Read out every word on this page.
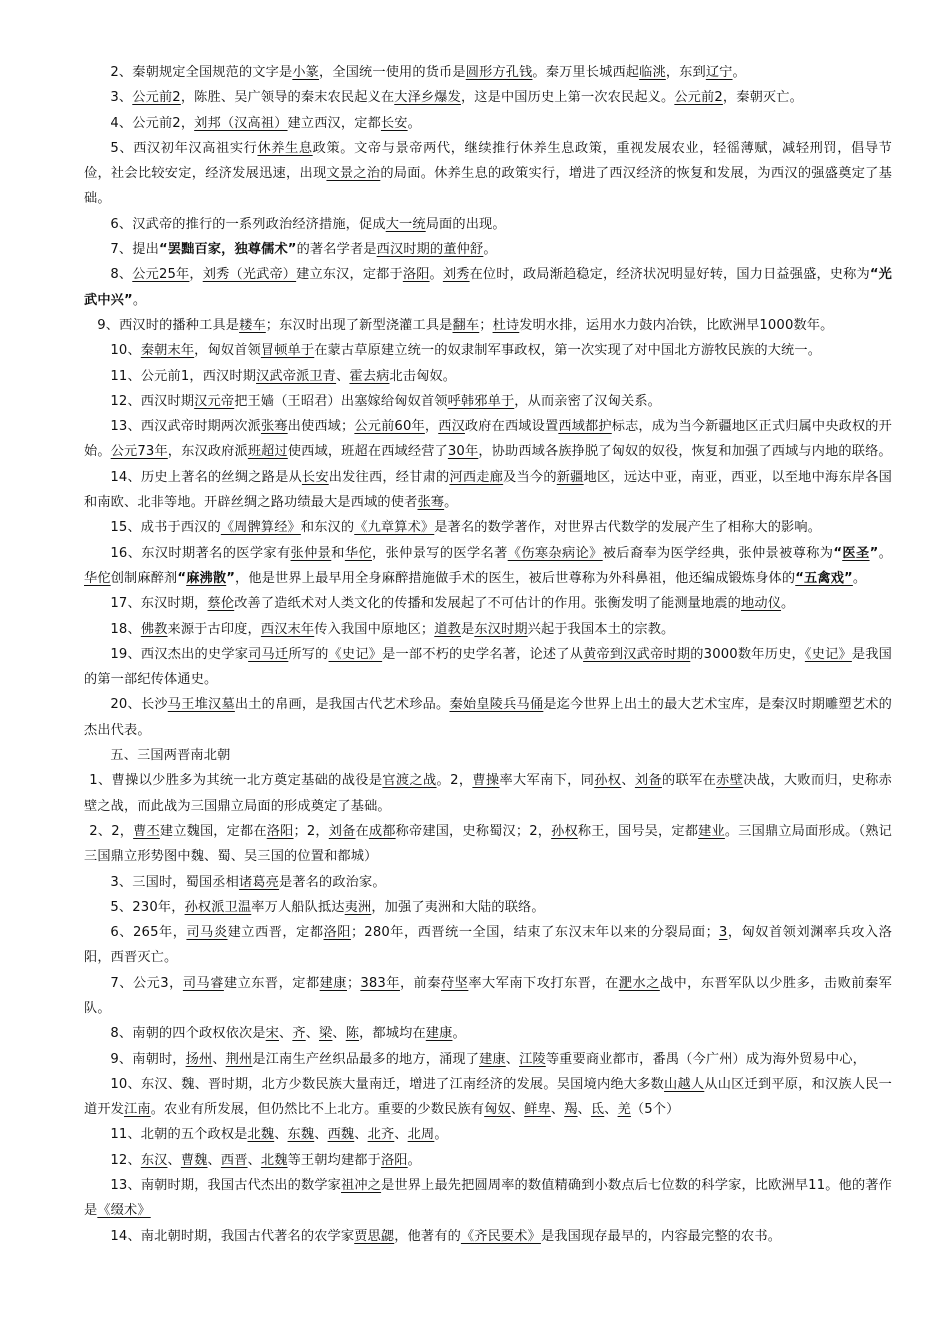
2、秦朝规定全国规范的文字是小篆，全国统一使用的货币是圆形方孔钱。秦万里长城西起临洮，东到辽宁。

3、公元前2，陈胜、吴广领导的秦末农民起义在大泽乡爆发，这是中国历史上第一次农民起义。公元前2，秦朝灭亡。

4、公元前2，刘邦（汉高祖）建立西汉，定都长安。

5、西汉初年汉高祖实行休养生息政策。文帝与景帝两代，继续推行休养生息政策，重视发展农业，轻徭薄赋，减轻刑罚，倡导节俭，社会比较安定，经济发展迅速，出现文景之治的局面。休养生息的政策实行，增进了西汉经济的恢复和发展，为西汉的强盛奠定了基础。

6、汉武帝的推行的一系列政治经济措施，促成大一统局面的出现。

7、提出“罢黜百家，独尊儒术”的著名学者是西汉时期的董仲舒。

8、公元25年，刘秀（光武帝）建立东汉，定都于洛阳。刘秀在位时，政局渐趋稳定，经济状况明显好转，国力日益强盛，史称为“光武中兴”。

9、西汉时的播种工具是耧车；东汉时出现了新型浇灌工具是翻车；杜诗发明水排，运用水力鼓内冶铁，比欧洲早1000数年。

10、秦朝末年，匈奴首领冒顿单于在蒙古草原建立统一的奴隶制军事政权，第一次实现了对中国北方游牧民族的大统一。

11、公元前1，西汉时期汉武帝派卫青、霍去病北击匈奴。

12、西汉时期汉元帝把王嫱（王昭君）出塞嫁给匈奴首领呼韩邪单于，从而亲密了汉匈关系。

13、西汉武帝时期两次派张骞出使西域；公元前60年，西汉政府在西域设置西域都护标志，成为当今新疆地区正式归属中央政权的开始。公元73年，东汉政府派班超过使西域，班超在西域经营了30年，协助西域各族挣脱了匈奴的奴役，恢复和加强了西域与内地的联络。

14、历史上著名的丝绸之路是从长安出发往西，经甘肃的河西走廊及当今的新疆地区，远达中亚，南亚，西亚，以至地中海东岸各国和南欧、北非等地。开辟丝绸之路功绩最大是西域的使者张骞。

15、成书于西汉的《周髀算经》和东汉的《九章算术》是著名的数学著作，对世界古代数学的发展产生了相称大的影响。

16、东汉时期著名的医学家有张仲景和华佗，张仲景写的医学名著《伤寒杂病论》被后裔奉为医学经典，张仲景被尊称为“医圣”。华佗创制麻醉剂“麻沸散”，他是世界上最早用全身麻醉措施做手术的医生，被后世尊称为外科鼻祖，他还编成锻炼身体的“五禽戏”。

17、东汉时期，蔡伦改善了造纸术对人类文化的传播和发展起了不可估计的作用。张衡发明了能测量地震的地动仪。

18、佛教来源于古印度，西汉末年传入我国中原地区；道教是东汉时期兴起于我国本土的宗教。

19、西汉杰出的史学家司马迁所写的《史记》是一部不朽的史学名著，论述了从黄帝到汉武帝时期的3000数年历史，《史记》是我国的第一部纪传体通史。

20、长沙马王堆汉墓出土的帛画，是我国古代艺术珍品。秦始皇陵兵马俑是迄今世界上出土的最大艺术宝库，是秦汉时期雕塑艺术的杰出代表。

五、三国两晋南北朝

1、曹操以少胜多为其统一北方奠定基础的战役是官渡之战。2，曹操率大军南下，同孙权、刘备的联军在赤壁决战，大败而归，史称赤壁之战，而此战为三国鼎立局面的形成奠定了基础。

2、2，曹丕建立魏国，定都在洛阳；2，刘备在成都称帝建国，史称蜀汉；2，孙权称王，国号吴，定都建业。三国鼎立局面形成。（熟记三国鼎立形势图中魏、蜀、吴三国的位置和都城）

3、三国时，蜀国丞相诸葛亮是著名的政治家。

5、230年，孙权派卫温率万人船队抵达夷洲，加强了夷洲和大陆的联络。

6、265年，司马炎建立西晋，定都洛阳；280年，西晋统一全国，结束了东汉末年以来的分裂局面；3，匈奴首领刘渊率兵攻入洛阳，西晋灭亡。

7、公元3，司马睿建立东晋，定都建康；383年，前秦苻坚率大军南下攻打东晋，在淝水之战中，东晋军队以少胜多，击败前秦军队。

8、南朝的四个政权依次是宋、齐、梁、陈，都城均在建康。

9、南朝时，扬州、荆州是江南生产丝织品最多的地方，涌现了建康、江陵等重要商业都市，番禺（今广州）成为海外贸易中心，

10、东汉、魏、晋时期，北方少数民族大量南迁，增进了江南经济的发展。吴国境内绝大多数山越人从山区迁到平原，和汉族人民一道开发江南。农业有所发展，但仍然比不上北方。重要的少数民族有匈奴、鲜卑、羯、氐、羌（5个）

11、北朝的五个政权是北魏、东魏、西魏、北齐、北周。

12、东汉、曹魏、西晋、北魏等王朝均建都于洛阳。

13、南朝时期，我国古代杰出的数学家祖冲之是世界上最先把圆周率的数值精确到小数点后七位数的科学家，比欧洲早11。他的著作是《缀术》

14、南北朝时期，我国古代著名的农学家贾思勰，他著有的《齐民要术》是我国现存最早的，内容最完整的农书。
